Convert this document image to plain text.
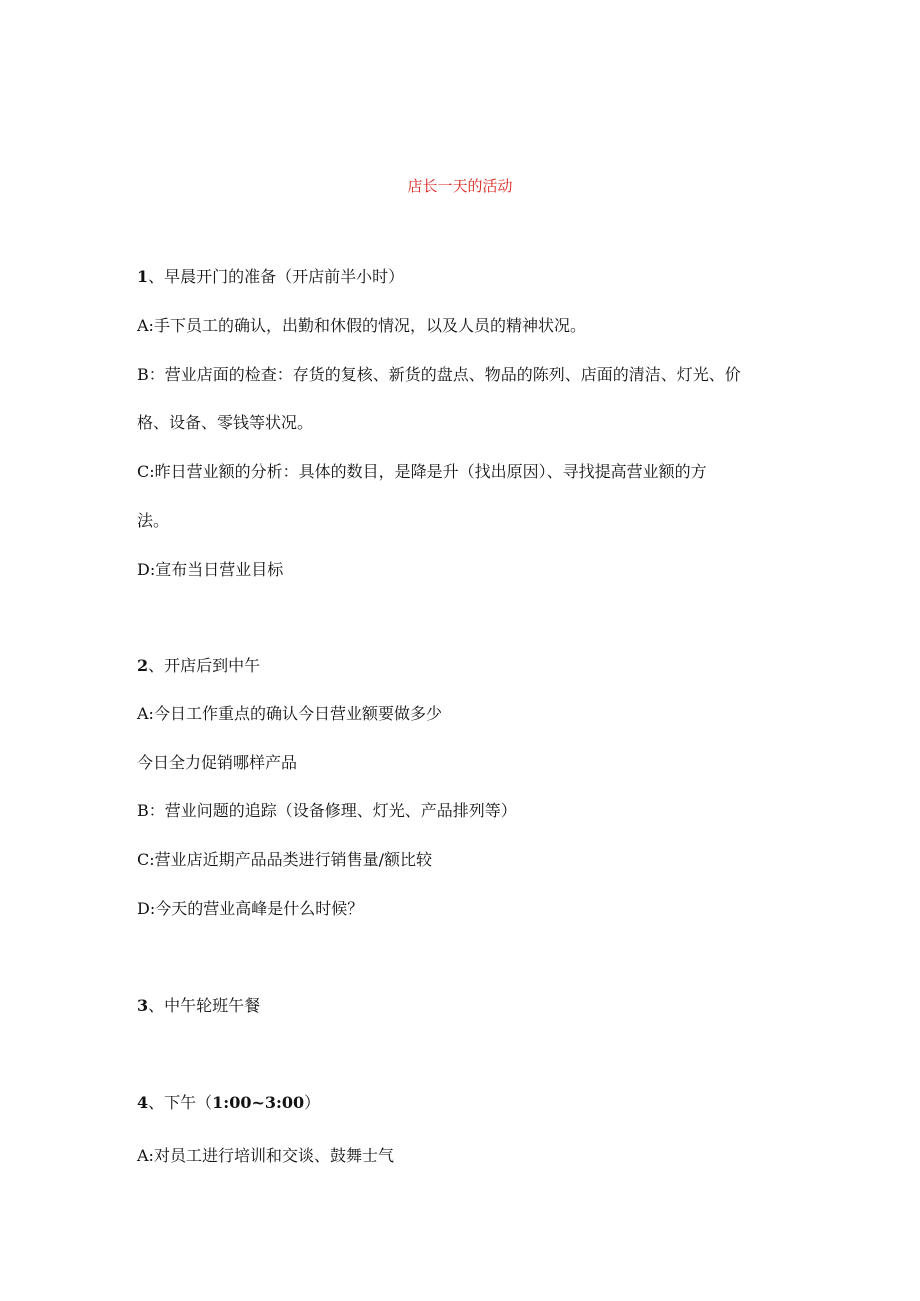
店长一天的活动
1、早晨开门的准备（开店前半小时）
A:手下员工的确认，出勤和休假的情况，以及人员的精神状况。
B：营业店面的检查：存货的复核、新货的盘点、物品的陈列、店面的清洁、灯光、价
格、设备、零钱等状况。
C:昨日营业额的分析：具体的数目，是降是升（找出原因）、寻找提高营业额的方
法。
D:宣布当日营业目标
2、开店后到中午
A:今日工作重点的确认今日营业额要做多少
今日全力促销哪样产品
B：营业问题的追踪（设备修理、灯光、产品排列等）
C:营业店近期产品品类进行销售量/额比较
D:今天的营业高峰是什么时候？
3、中午轮班午餐
4、下午（1:00~3:00）
A:对员工进行培训和交谈、鼓舞士气
